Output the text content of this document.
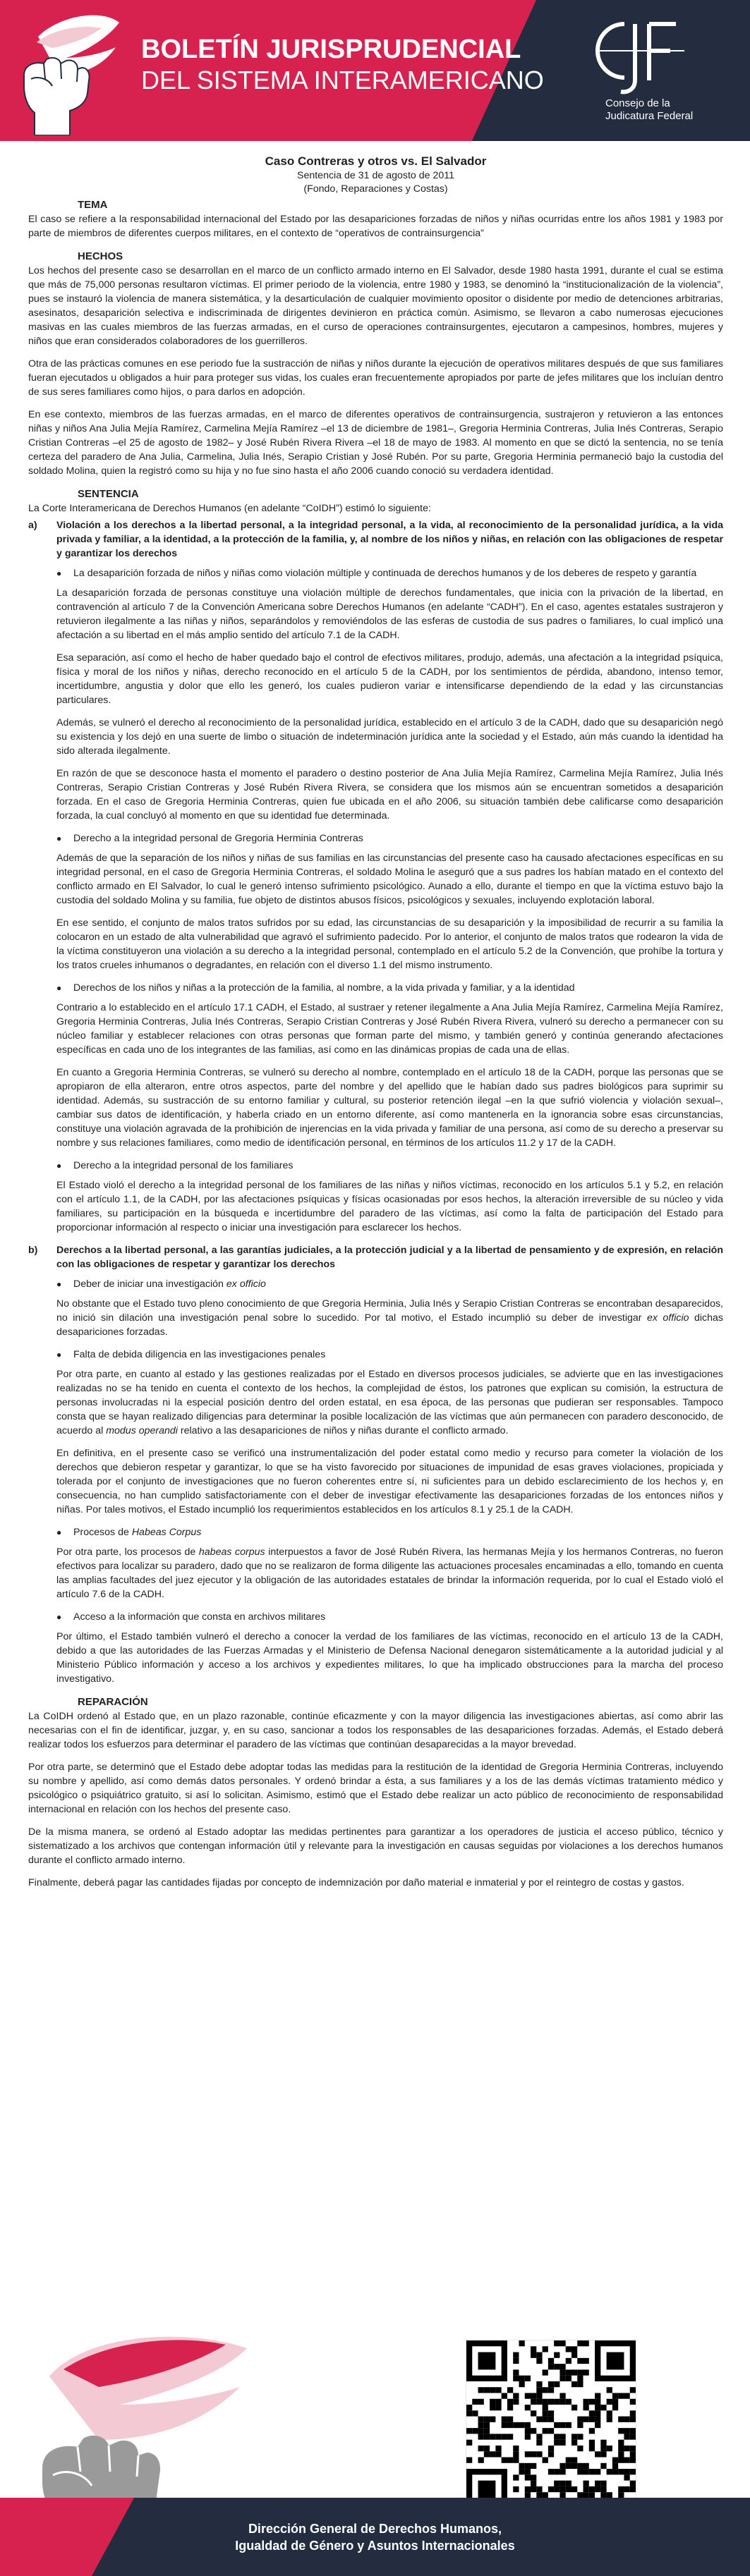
BOLETÍN JURISPRUDENCIAL
DEL SISTEMA INTERAMERICANO
Consejo de la
Judicatura Federal
Caso Contreras y otros vs. El Salvador
Sentencia de 31 de agosto de 2011
(Fondo, Reparaciones y Costas)
TEMA

El caso se refiere a la responsabilidad internacional del Estado por las desapariciones forzadas de niños y niñas ocurridas entre los años 1981 y 1983 por parte de miembros de diferentes cuerpos militares, en el contexto de “operativos de contrainsurgencia”

HECHOS

Los hechos del presente caso se desarrollan en el marco de un conflicto armado interno en El Salvador, desde 1980 hasta 1991, durante el cual se estima que más de 75,000 personas resultaron víctimas. El primer periodo de la violencia, entre 1980 y 1983, se denominó la “institucionalización de la violencia”, pues se instauró la violencia de manera sistemática, y la desarticulación de cualquier movimiento opositor o disidente por medio de detenciones arbitrarias, asesinatos, desaparición selectiva e indiscriminada de dirigentes devinieron en práctica común. Asimismo, se llevaron a cabo numerosas ejecuciones masivas en las cuales miembros de las fuerzas armadas, en el curso de operaciones contrainsurgentes, ejecutaron a campesinos, hombres, mujeres y niños que eran considerados colaboradores de los guerrilleros.

Otra de las prácticas comunes en ese periodo fue la sustracción de niñas y niños durante la ejecución de operativos militares después de que sus familiares fueran ejecutados u obligados a huir para proteger sus vidas, los cuales eran frecuentemente apropiados por parte de jefes militares que los incluían dentro de sus seres familiares como hijos, o para darlos en adopción.

En ese contexto, miembros de las fuerzas armadas, en el marco de diferentes operativos de contrainsurgencia, sustrajeron y retuvieron a las entonces niñas y niños Ana Julia Mejía Ramírez, Carmelina Mejía Ramírez –el 13 de diciembre de 1981–, Gregoria Herminia Contreras, Julia Inés Contreras, Serapio Cristian Contreras –el 25 de agosto de 1982– y José Rubén Rivera Rivera –el 18 de mayo de 1983. Al momento en que se dictó la sentencia, no se tenía certeza del paradero de Ana Julia, Carmelina, Julia Inés, Serapio Cristian y José Rubén. Por su parte, Gregoria Herminia permaneció bajo la custodia del soldado Molina, quien la registró como su hija y no fue sino hasta el año 2006 cuando conoció su verdadera identidad.

SENTENCIA

La Corte Interamericana de Derechos Humanos (en adelante “CoIDH”) estimó lo siguiente:

a)	Violación a los derechos a la libertad personal, a la integridad personal, a la vida, al reconocimiento de la personalidad jurídica, a la vida privada y familiar, a la identidad, a la protección de la familia, y, al nombre de los niños y niñas, en relación con las obligaciones de respetar y garantizar los derechos
●	La desaparición forzada de niños y niñas como violación múltiple y continuada de derechos humanos y de los deberes de respeto y garantía

La desaparición forzada de personas constituye una violación múltiple de derechos fundamentales, que inicia con la privación de la libertad, en contravención al artículo 7 de la Convención Americana sobre Derechos Humanos (en adelante “CADH”). En el caso, agentes estatales sustrajeron y retuvieron ilegalmente a las niñas y niños, separándolos y removiéndolos de las esferas de custodia de sus padres o familiares, lo cual implicó una afectación a su libertad en el más amplio sentido del artículo 7.1 de la CADH.

Esa separación, así como el hecho de haber quedado bajo el control de efectivos militares, produjo, además, una afectación a la integridad psíquica, física y moral de los niños y niñas, derecho reconocido en el artículo 5 de la CADH, por los sentimientos de pérdida, abandono, intenso temor, incertidumbre, angustia y dolor que ello les generó, los cuales pudieron variar e intensificarse dependiendo de la edad y las circunstancias particulares.

Además, se vulneró el derecho al reconocimiento de la personalidad jurídica, establecido en el artículo 3 de la CADH, dado que su desaparición negó su existencia y los dejó en una suerte de limbo o situación de indeterminación jurídica ante la sociedad y el Estado, aún más cuando la identidad ha sido alterada ilegalmente.

En razón de que se desconoce hasta el momento el paradero o destino posterior de Ana Julia Mejía Ramírez, Carmelina Mejía Ramírez, Julia Inés Contreras, Serapio Cristian Contreras y José Rubén Rivera Rivera, se considera que los mismos aún se encuentran sometidos a desaparición forzada. En el caso de Gregoria Herminia Contreras, quien fue ubicada en el año 2006, su situación también debe calificarse como desaparición forzada, la cual concluyó al momento en que su identidad fue determinada.

●	Derecho a la integridad personal de Gregoria Herminia Contreras

Además de que la separación de los niños y niñas de sus familias en las circunstancias del presente caso ha causado afectaciones específicas en su integridad personal, en el caso de Gregoria Herminia Contreras, el soldado Molina le aseguró que a sus padres los habían matado en el contexto del conflicto armado en El Salvador, lo cual le generó intenso sufrimiento psicológico. Aunado a ello, durante el tiempo en que la víctima estuvo bajo la custodia del soldado Molina y su familia, fue objeto de distintos abusos físicos, psicológicos y sexuales, incluyendo explotación laboral.

En ese sentido, el conjunto de malos tratos sufridos por su edad, las circunstancias de su desaparición y la imposibilidad de recurrir a su familia la colocaron en un estado de alta vulnerabilidad que agravó el sufrimiento padecido. Por lo anterior, el conjunto de malos tratos que rodearon la vida de la víctima constituyeron una violación a su derecho a la integridad personal, contemplado en el artículo 5.2 de la Convención, que prohíbe la tortura y los tratos crueles inhumanos o degradantes, en relación con el diverso 1.1 del mismo instrumento.

●	Derechos de los niños y niñas a la protección de la familia, al nombre, a la vida privada y familiar, y a la identidad

Contrario a lo establecido en el artículo 17.1 CADH, el Estado, al sustraer y retener ilegalmente a Ana Julia Mejía Ramírez, Carmelina Mejía Ramírez, Gregoria Herminia Contreras, Julia Inés Contreras, Serapio Cristian Contreras y José Rubén Rivera Rivera, vulneró su derecho a permanecer con su núcleo familiar y establecer relaciones con otras personas que forman parte del mismo, y también generó y continúa generando afectaciones específicas en cada uno de los integrantes de las familias, así como en las dinámicas propias de cada una de ellas.

En cuanto a Gregoria Herminia Contreras, se vulneró su derecho al nombre, contemplado en el artículo 18 de la CADH, porque las personas que se apropiaron de ella alteraron, entre otros aspectos, parte del nombre y del apellido que le habían dado sus padres biológicos para suprimir su identidad. Además, su sustracción de su entorno familiar y cultural, su posterior retención ilegal –en la que sufrió violencia y violación sexual–, cambiar sus datos de identificación, y haberla criado en un entorno diferente, así como mantenerla en la ignorancia sobre esas circunstancias, constituye una violación agravada de la prohibición de injerencias en la vida privada y familiar de una persona, así como de su derecho a preservar su nombre y sus relaciones familiares, como medio de identificación personal, en términos de los artículos 11.2 y 17 de la CADH.

●	Derecho a la integridad personal de los familiares

El Estado violó el derecho a la integridad personal de los familiares de las niñas y niños víctimas, reconocido en los artículos 5.1 y 5.2, en relación con el artículo 1.1, de la CADH, por las afectaciones psíquicas y físicas ocasionadas por esos hechos, la alteración irreversible de su núcleo y vida familiares, su participación en la búsqueda e incertidumbre del paradero de las víctimas, así como la falta de participación del Estado para proporcionar información al respecto o iniciar una investigación para esclarecer los hechos.

b)	Derechos a la libertad personal, a las garantías judiciales, a la protección judicial y a la libertad de pensamiento y de expresión, en relación con las obligaciones de respetar y garantizar los derechos
●	Deber de iniciar una investigación ex officio

No obstante que el Estado tuvo pleno conocimiento de que Gregoria Herminia, Julia Inés y Serapio Cristian Contreras se encontraban desaparecidos, no inició sin dilación una investigación penal sobre lo sucedido. Por tal motivo, el Estado incumplió su deber de investigar ex officio dichas desapariciones forzadas.

●	Falta de debida diligencia en las investigaciones penales

Por otra parte, en cuanto al estado y las gestiones realizadas por el Estado en diversos procesos judiciales, se advierte que en las investigaciones realizadas no se ha tenido en cuenta el contexto de los hechos, la complejidad de éstos, los patrones que explican su comisión, la estructura de personas involucradas ni la especial posición dentro del orden estatal, en esa época, de las personas que pudieran ser responsables. Tampoco consta que se hayan realizado diligencias para determinar la posible localización de las víctimas que aún permanecen con paradero desconocido, de acuerdo al modus operandi relativo a las desapariciones de niños y niñas durante el conflicto armado.

En definitiva, en el presente caso se verificó una instrumentalización del poder estatal como medio y recurso para cometer la violación de los derechos que debieron respetar y garantizar, lo que se ha visto favorecido por situaciones de impunidad de esas graves violaciones, propiciada y tolerada por el conjunto de investigaciones que no fueron coherentes entre sí, ni suficientes para un debido esclarecimiento de los hechos y, en consecuencia, no han cumplido satisfactoriamente con el deber de investigar efectivamente las desapariciones forzadas de los entonces niños y niñas. Por tales motivos, el Estado incumplió los requerimientos establecidos en los artículos 8.1 y 25.1 de la CADH.

●	Procesos de Habeas Corpus

Por otra parte, los procesos de habeas corpus interpuestos a favor de José Rubén Rivera, las hermanas Mejía y los hermanos Contreras, no fueron efectivos para localizar su paradero, dado que no se realizaron de forma diligente las actuaciones procesales encaminadas a ello, tomando en cuenta las amplias facultades del juez ejecutor y la obligación de las autoridades estatales de brindar la información requerida, por lo cual el Estado violó el artículo 7.6 de la CADH.

●	Acceso a la información que consta en archivos militares

Por último, el Estado también vulneró el derecho a conocer la verdad de los familiares de las víctimas, reconocido en el artículo 13 de la CADH, debido a que las autoridades de las Fuerzas Armadas y el Ministerio de Defensa Nacional denegaron sistemáticamente a la autoridad judicial y al Ministerio Público información y acceso a los archivos y expedientes militares, lo que ha implicado obstrucciones para la marcha del proceso investigativo.

REPARACIÓN

La CoIDH ordenó al Estado que, en un plazo razonable, continúe eficazmente y con la mayor diligencia las investigaciones abiertas, así como abrir las necesarias con el fin de identificar, juzgar, y, en su caso, sancionar a todos los responsables de las desapariciones forzadas. Además, el Estado deberá realizar todos los esfuerzos para determinar el paradero de las víctimas que continúan desaparecidas a la mayor brevedad.

Por otra parte, se determinó que el Estado debe adoptar todas las medidas para la restitución de la identidad de Gregoria Herminia Contreras, incluyendo su nombre y apellido, así como demás datos personales. Y ordenó brindar a ésta, a sus familiares y a los de las demás víctimas tratamiento médico y psicológico o psiquiátrico gratuito, si así lo solicitan. Asimismo, estimó que el Estado debe realizar un acto público de reconocimiento de responsabilidad internacional en relación con los hechos del presente caso.

De la misma manera, se ordenó al Estado adoptar las medidas pertinentes para garantizar a los operadores de justicia el acceso público, técnico y sistematizado a los archivos que contengan información útil y relevante para la investigación en causas seguidas por violaciones a los derechos humanos durante el conflicto armado interno.

Finalmente, deberá pagar las cantidades fijadas por concepto de indemnización por daño material e inmaterial y por el reintegro de costas y gastos.

Dirección General de Derechos Humanos,
Igualdad de Género y Asuntos Internacionales
